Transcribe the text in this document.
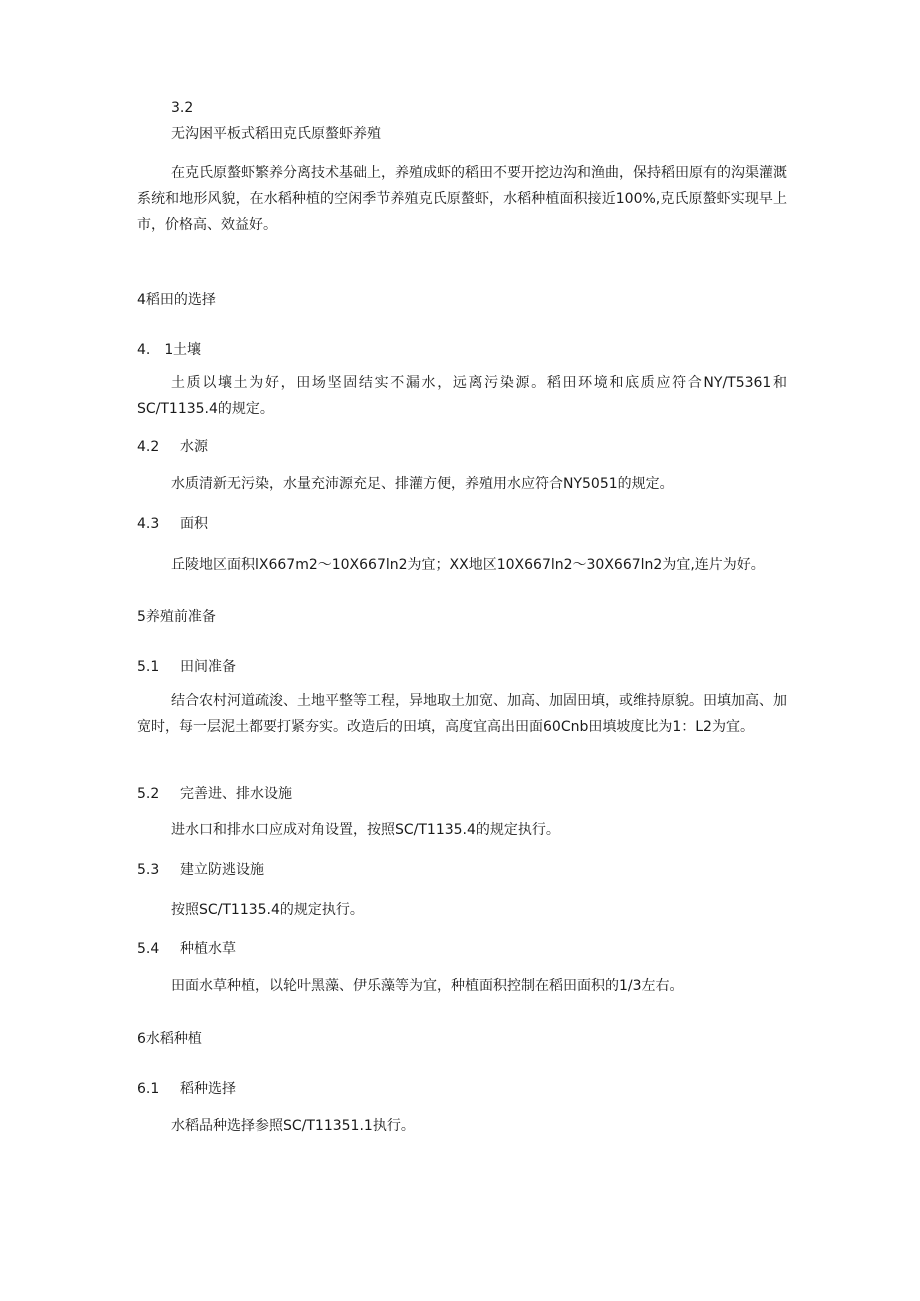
3.2
无沟困平板式稻田克氏原螯虾养殖
在克氏原螯虾繁养分离技术基础上，养殖成虾的稻田不要开挖边沟和渔曲，保持稻田原有的沟渠灌溉系统和地形风貌，在水稻种植的空闲季节养殖克氏原螯虾，水稻种植面积接近100%,克氏原螯虾实现早上市，价格高、效益好。
4稻田的选择
4.　1土壤
土质以壤土为好，田场坚固结实不漏水，远离污染源。稻田环境和底质应符合NY/T5361和SC/T1135.4的规定。
4.2 水源
水质清新无污染，水量充沛源充足、排灌方便，养殖用水应符合NY5051的规定。
4.3 面积
丘陵地区面积lX667m2～10X667ln2为宜；XX地区10X667ln2～30X667ln2为宜,连片为好。
5养殖前准备
5.1 田间准备
结合农村河道疏浚、土地平整等工程，异地取土加宽、加高、加固田填，或维持原貌。田填加高、加宽时，每一层泥土都要打紧夯实。改造后的田填，高度宜高出田面60Cnb田填坡度比为1：L2为宜。
5.2 完善进、排水设施
进水口和排水口应成对角设置，按照SC/T1135.4的规定执行。
5.3 建立防逃设施
按照SC/T1135.4的规定执行。
5.4 种植水草
田面水草种植，以轮叶黑藻、伊乐藻等为宜，种植面积控制在稻田面积的1/3左右。
6水稻种植
6.1 稻种选择
水稻品种选择参照SC/T11351.1执行。
